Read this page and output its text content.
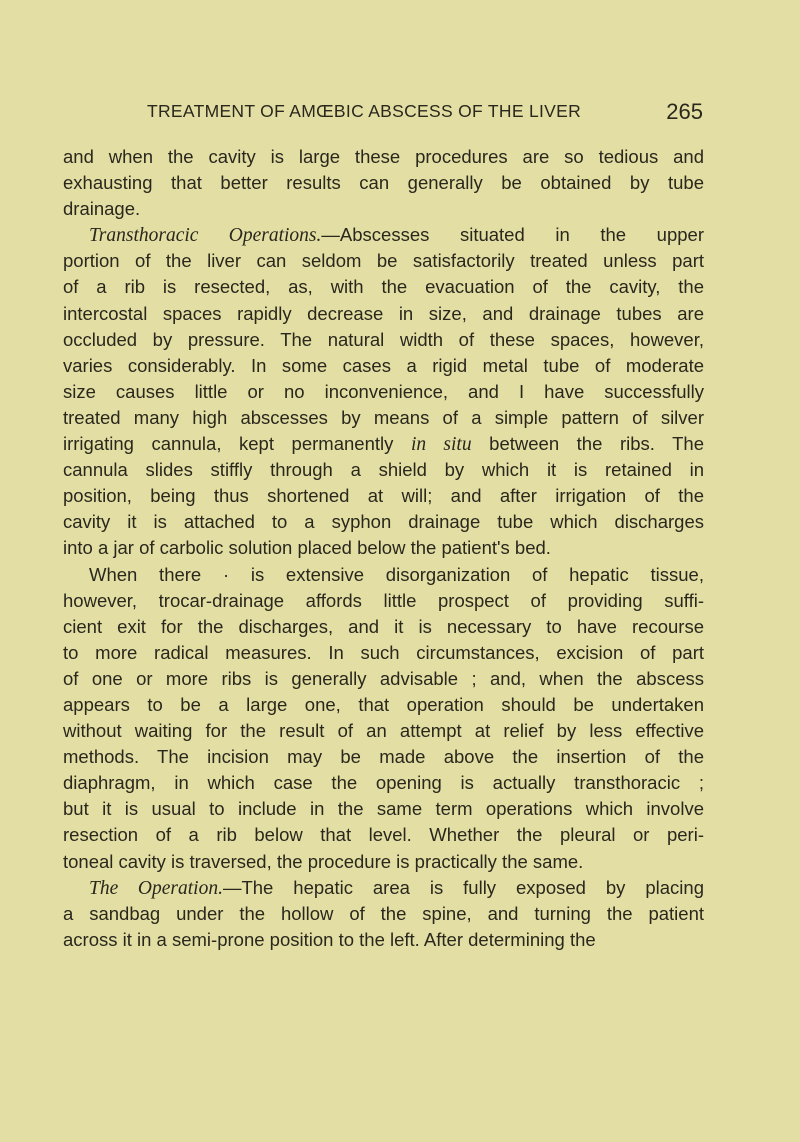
TREATMENT OF AMŒBIC ABSCESS OF THE LIVER	265
and when the cavity is large these procedures are so tedious and
exhausting that better results can generally be obtained by tube
drainage.
Transthoracic Operations.—Abscesses situated in the upper
portion of the liver can seldom be satisfactorily treated unless part
of a rib is resected, as, with the evacuation of the cavity, the
intercostal spaces rapidly decrease in size, and drainage tubes are
occluded by pressure. The natural width of these spaces, however,
varies considerably. In some cases a rigid metal tube of moderate
size causes little or no inconvenience, and I have successfully
treated many high abscesses by means of a simple pattern of silver
irrigating cannula, kept permanently in situ between the ribs. The
cannula slides stiffly through a shield by which it is retained in
position, being thus shortened at will; and after irrigation of the
cavity it is attached to a syphon drainage tube which discharges
into a jar of carbolic solution placed below the patient's bed.
When there · is extensive disorganization of hepatic tissue,
however, trocar-drainage affords little prospect of providing suffi-
cient exit for the discharges, and it is necessary to have recourse
to more radical measures. In such circumstances, excision of part
of one or more ribs is generally advisable ; and, when the abscess
appears to be a large one, that operation should be undertaken
without waiting for the result of an attempt at relief by less effective
methods. The incision may be made above the insertion of the
diaphragm, in which case the opening is actually transthoracic ;
but it is usual to include in the same term operations which involve
resection of a rib below that level. Whether the pleural or peri-
toneal cavity is traversed, the procedure is practically the same.
The Operation.—The hepatic area is fully exposed by placing
a sandbag under the hollow of the spine, and turning the patient
across it in a semi-prone position to the left. After determining the
